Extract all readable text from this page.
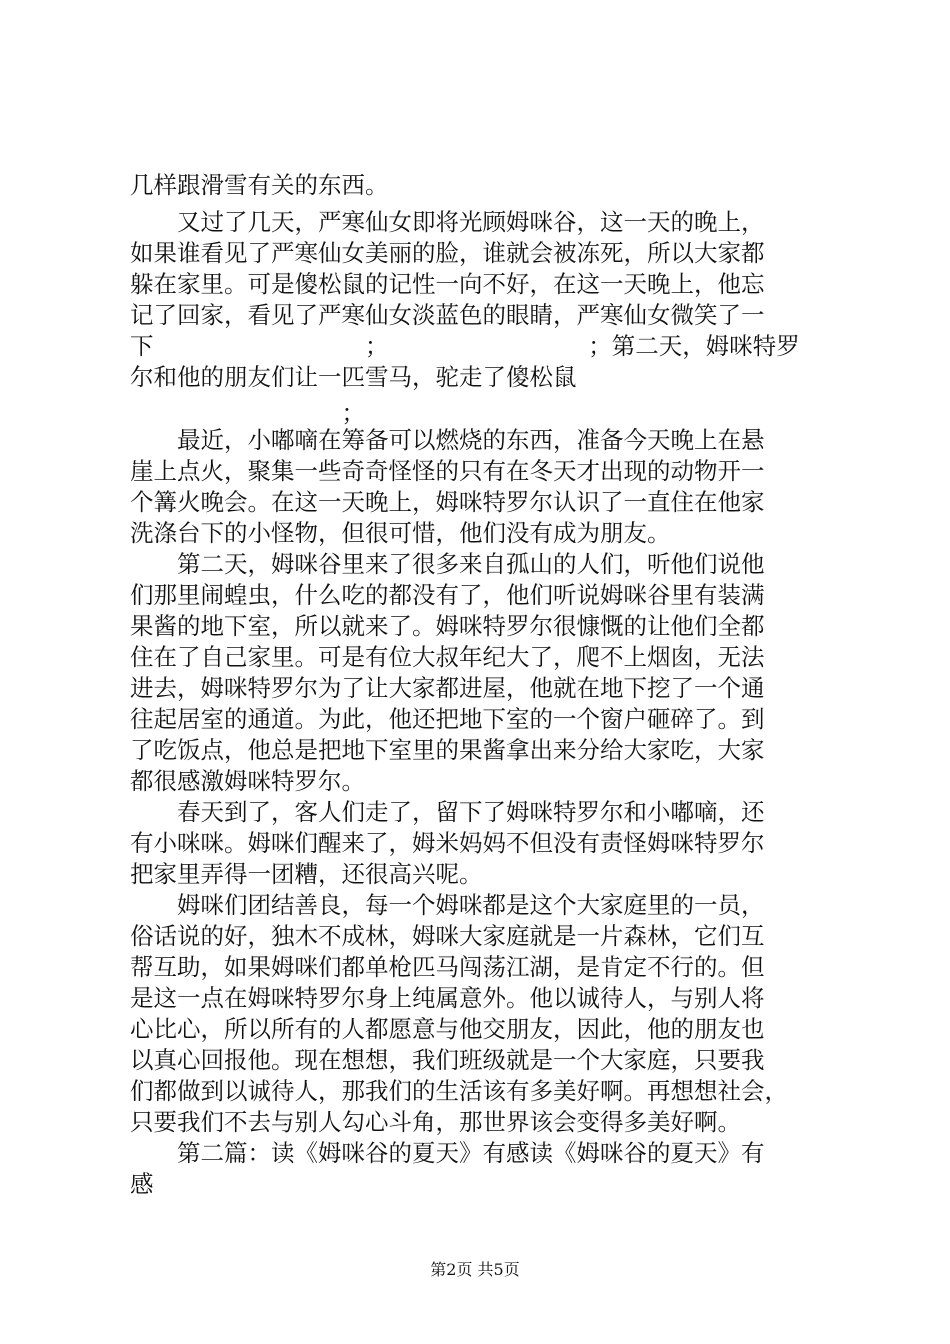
几样跟滑雪有关的东西。

　　又过了几天，严寒仙女即将光顾姆咪谷，这一天的晚上，

如果谁看见了严寒仙女美丽的脸，谁就会被冻死，所以大家都

躲在家里。可是傻松鼠的记性一向不好，在这一天晚上，他忘

记了回家，看见了严寒仙女淡蓝色的眼睛，严寒仙女微笑了一

下　　　　　　　　　；　　　　　　　　　；第二天，姆咪特罗

尔和他的朋友们让一匹雪马，驼走了傻松鼠

　　　　　　　　　；

　　最近，小嘟嘀在筹备可以燃烧的东西，准备今天晚上在悬

崖上点火，聚集一些奇奇怪怪的只有在冬天才出现的动物开一

个篝火晚会。在这一天晚上，姆咪特罗尔认识了一直住在他家

洗涤台下的小怪物，但很可惜，他们没有成为朋友。

　　第二天，姆咪谷里来了很多来自孤山的人们，听他们说他

们那里闹蝗虫，什么吃的都没有了，他们听说姆咪谷里有装满

果酱的地下室，所以就来了。姆咪特罗尔很慷慨的让他们全都

住在了自己家里。可是有位大叔年纪大了，爬不上烟囱，无法

进去，姆咪特罗尔为了让大家都进屋，他就在地下挖了一个通

往起居室的通道。为此，他还把地下室的一个窗户砸碎了。到

了吃饭点，他总是把地下室里的果酱拿出来分给大家吃，大家

都很感激姆咪特罗尔。

　　春天到了，客人们走了，留下了姆咪特罗尔和小嘟嘀，还

有小咪咪。姆咪们醒来了，姆米妈妈不但没有责怪姆咪特罗尔

把家里弄得一团糟，还很高兴呢。

　　姆咪们团结善良，每一个姆咪都是这个大家庭里的一员，

俗话说的好，独木不成林，姆咪大家庭就是一片森林，它们互

帮互助，如果姆咪们都单枪匹马闯荡江湖，是肯定不行的。但

是这一点在姆咪特罗尔身上纯属意外。他以诚待人，与别人将

心比心，所以所有的人都愿意与他交朋友，因此，他的朋友也

以真心回报他。现在想想，我们班级就是一个大家庭，只要我

们都做到以诚待人，那我们的生活该有多美好啊。再想想社会，

只要我们不去与别人勾心斗角，那世界该会变得多美好啊。

　　第二篇：读《姆咪谷的夏天》有感读《姆咪谷的夏天》有

感

第2页 共5页
